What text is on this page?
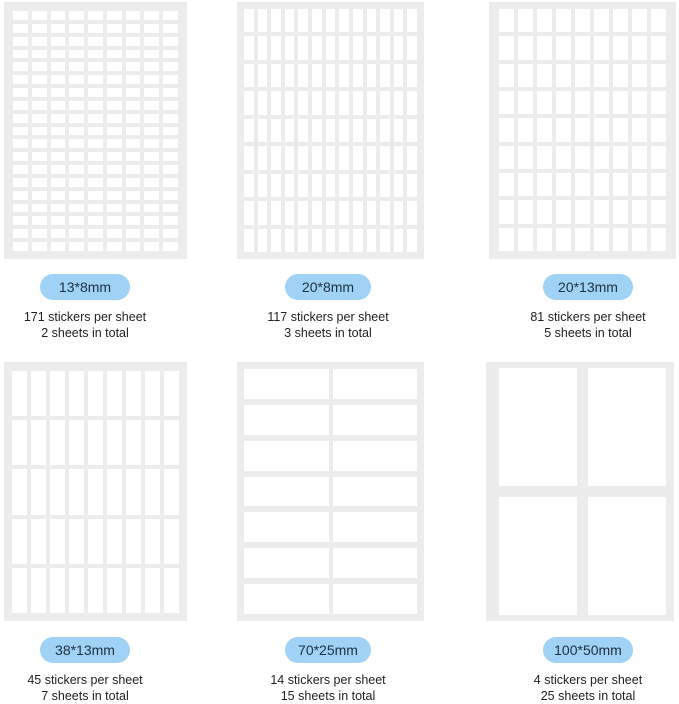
13*8mm
171 stickers per sheet
2 sheets in total
20*8mm
117 stickers per sheet
3 sheets in total
20*13mm
81 stickers per sheet
5 sheets in total
38*13mm
45 stickers per sheet
7 sheets in total
70*25mm
14 stickers per sheet
15 sheets in total
100*50mm
4 stickers per sheet
25 sheets in total
